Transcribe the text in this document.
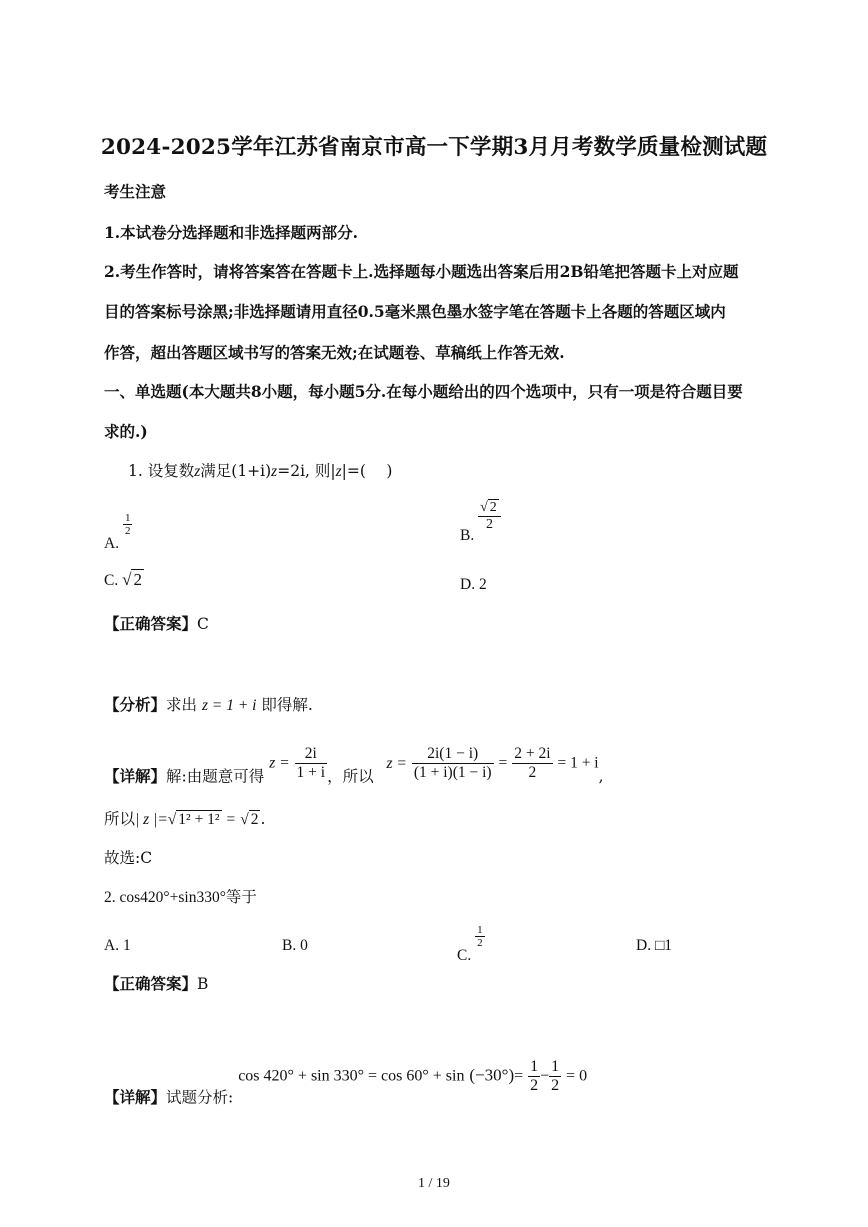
2024-2025学年江苏省南京市高一下学期3月月考数学质量检测试题
考生注意
1.本试卷分选择题和非选择题两部分.
2.考生作答时，请将答案答在答题卡上.选择题每小题选出答案后用2B铅笔把答题卡上对应题
目的答案标号涂黑;非选择题请用直径0.5毫米黑色墨水签字笔在答题卡上各题的答题区域内
作答，超出答题区域书写的答案无效;在试题卷、草稿纸上作答无效.
一、单选题(本大题共8小题，每小题5分.在每小题给出的四个选项中，只有一项是符合题目要
求的.)
1. 设复数z满足(1+i)z=2i, 则|z|=(　 )
A.
$\frac{1}{2}$	B.
$\frac{√ 2}{2}$
C. √ 2	D. 2
【正确答案】C
【分析】求出 z = 1 + i 即得解.
【详解】解:由题意可得 $z = \frac{2i}{1 + i}$ ，所以 $z = \frac{2i(1 - i)}{(1 + i)(1 - i)} = \frac{2 + 2i}{2} = 1 + i$,
所以| z |=√ 1² + 1² = √ 2 .
故选:C
2. cos420°+sin330°等于
A. 1	B. 0
C.
$\frac{1}{2}$	D. □1
【正确答案】B
【详解】试题分析: $\cos 420^\circ + \sin 330^\circ = \cos 60^\circ + \sin (-30^\circ)= \frac{1}{2} - \frac{1}{2} = 0$
1 / 19
